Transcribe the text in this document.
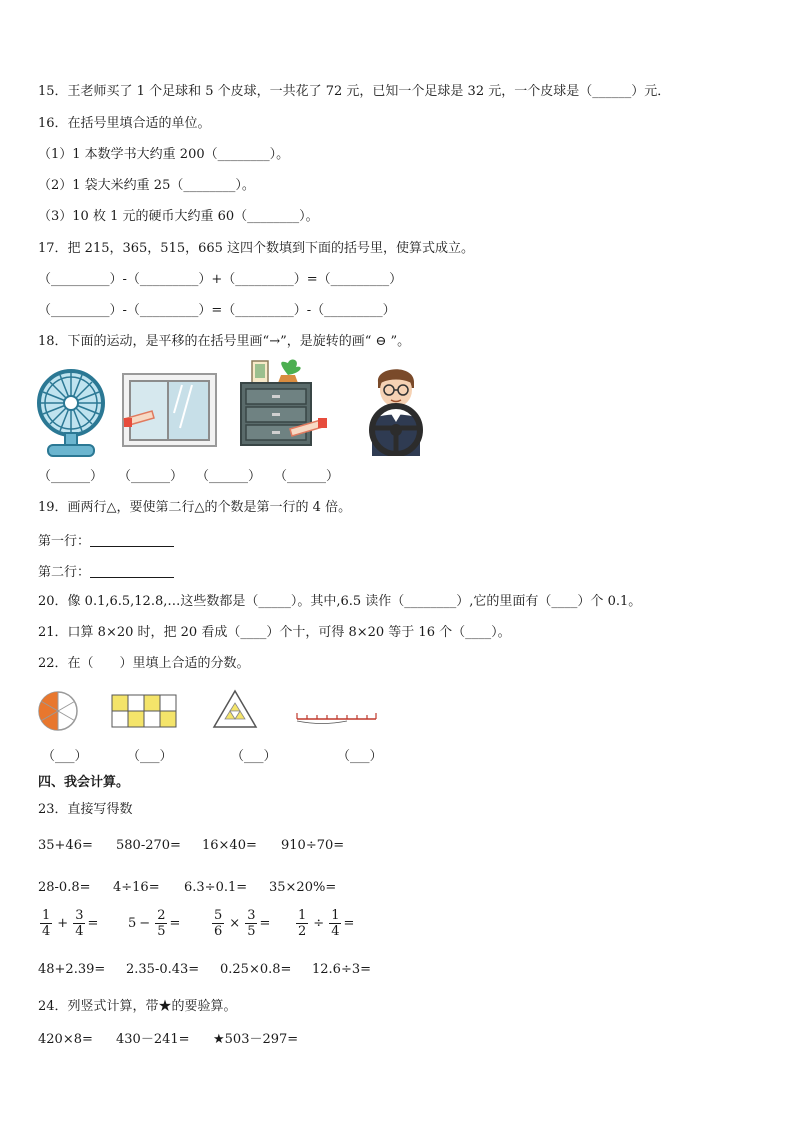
15．王老师买了 1 个足球和 5 个皮球，一共花了 72 元，已知一个足球是 32 元，一个皮球是（______）元．
16．在括号里填合适的单位。
（1）1 本数学书大约重 200（________）。
（2）1 袋大米约重 25（________）。
（3）10 枚 1 元的硬币大约重 60（________）。
17．把 215，365，515，665 这四个数填到下面的括号里，使算式成立。
（_________）-（_________）+（_________）=（_________）
（_________）-（_________）=（_________）-（_________）
18．下面的运动，是平移的在括号里画“→”，是旋转的画“ ⊖ ”。
（______） （______） （______） （______）
19．画两行△，要使第二行△的个数是第一行的 4 倍。
第一行：
第二行：
20．像 0.1,6.5,12.8,…这些数都是（_____）。其中,6.5 读作（________）,它的里面有（____）个 0.1。
21．口算 8×20 时，把 20 看成（____）个十，可得 8×20 等于 16 个（____）。
22．在（　　）里填上合适的分数。
（___）	（___）	（___）	（___）
四、我会计算。
23．直接写得数
35+46= 580-270= 16×40= 910÷70=
28-0.8= 4÷16= 6.3÷0.1= 35×20%=
$\frac{1}{4} + \frac{3}{4} = 5 - \frac{2}{5} = \frac{5}{6} \times \frac{3}{5} = \frac{1}{2} \div \frac{1}{4}$ =
48+2.39= 2.35-0.43= 0.25×0.8= 12.6÷3=
24．列竖式计算，带★的要验算。
420×8= 430－241= ★503－297=
